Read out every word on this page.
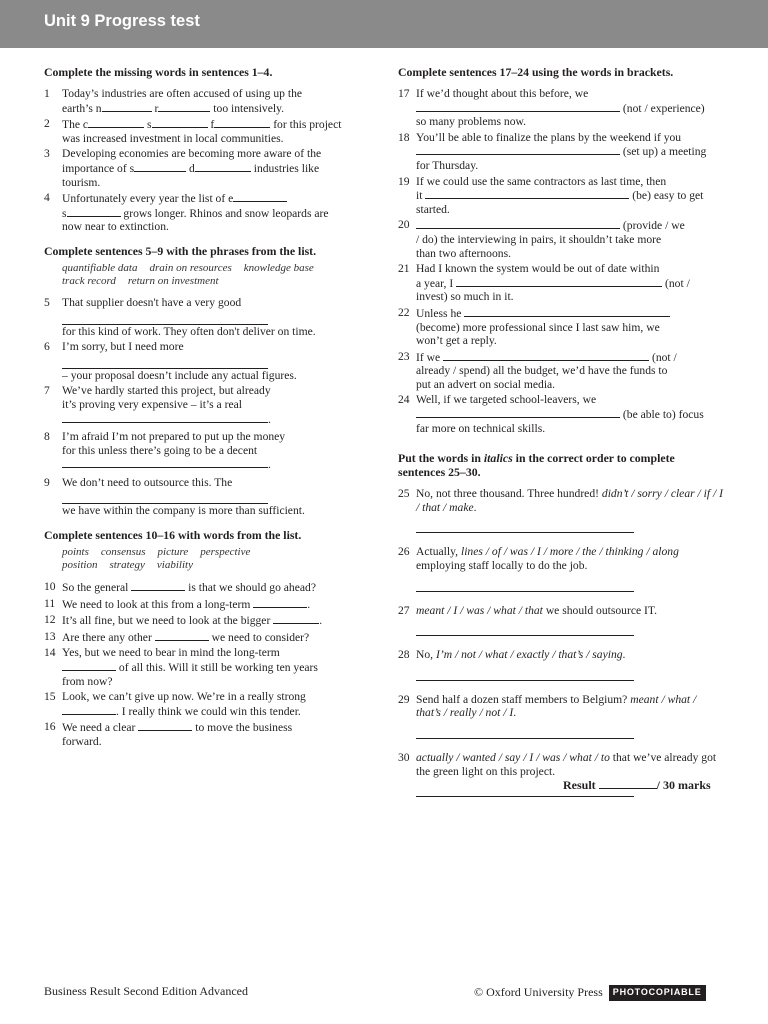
Unit 9 Progress test
Complete the missing words in sentences 1–4.
1	Today’s industries are often accused of using up the
earth’s n	r	too intensively.
2	The c	s	f	for this project
was increased investment in local communities.
3	Developing economies are becoming more aware of the
importance of s	d	industries like
tourism.
4	Unfortunately every year the list of e
s	grows longer. Rhinos and snow leopards are
now near to extinction.
Complete sentences 5–9 with the phrases from the list.
quantifiable data drain on resources knowledge base
track record return on investment
5	That supplier doesn't have a very good
for this kind of work. They often don't deliver on time.
6	I’m sorry, but I need more
– your proposal doesn’t include any actual figures.
7	We’ve hardly started this project, but already
it’s proving very expensive – it’s a real
.
8	I’m afraid I’m not prepared to put up the money
for this unless there’s going to be a decent
.
9	We don’t need to outsource this. The
we have within the company is more than sufficient.
Complete sentences 10–16 with words from the list.
points consensus picture perspective
position strategy viability
10 So the general	is that we should go ahead?
11 We need to look at this from a long-term	.
12 It’s all fine, but we need to look at the bigger	.
13 Are there any other	we need to consider?
14 Yes, but we need to bear in mind the long-term
of all this. Will it still be working ten years
from now?
15 Look, we can’t give up now. We’re in a really strong
. I really think we could win this tender.
16 We need a clear	to move the business
forward.
Complete sentences 17–24 using the words in brackets.
17 If we’d thought about this before, we
(not / experience)
so many problems now.
18 You’ll be able to finalize the plans by the weekend if you
(set up) a meeting
for Thursday.
19 If we could use the same contractors as last time, then
it	(be) easy to get
started.
20	(provide / we
/ do) the interviewing in pairs, it shouldn’t take more
than two afternoons.
21 Had I known the system would be out of date within
a year, I	(not /
invest) so much in it.
22 Unless he
(become) more professional since I last saw him, we
won’t get a reply.
23 If we	(not /
already / spend) all the budget, we’d have the funds to
put an advert on social media.
24 Well, if we targeted school-leavers, we
(be able to) focus
far more on technical skills.
Put the words in italics in the correct order to complete sentences 25–30.
25 No, not three thousand. Three hundred! didn’t / sorry / clear / if / I / that / make.
26 Actually, lines / of / was / I / more / the / thinking / along employing staff locally to do the job.
27 meant / I / was / what / that we should outsource IT.
28 No, I’m / not / what / exactly / that’s / saying.
29 Send half a dozen staff members to Belgium? meant / what / that’s / really / not / I.
30 actually / wanted / say / I / was / what / to that we’ve already got the green light on this project.
Result	/ 30 marks
Business Result Second Edition Advanced	© Oxford University Press PHOTOCOPIABLE
